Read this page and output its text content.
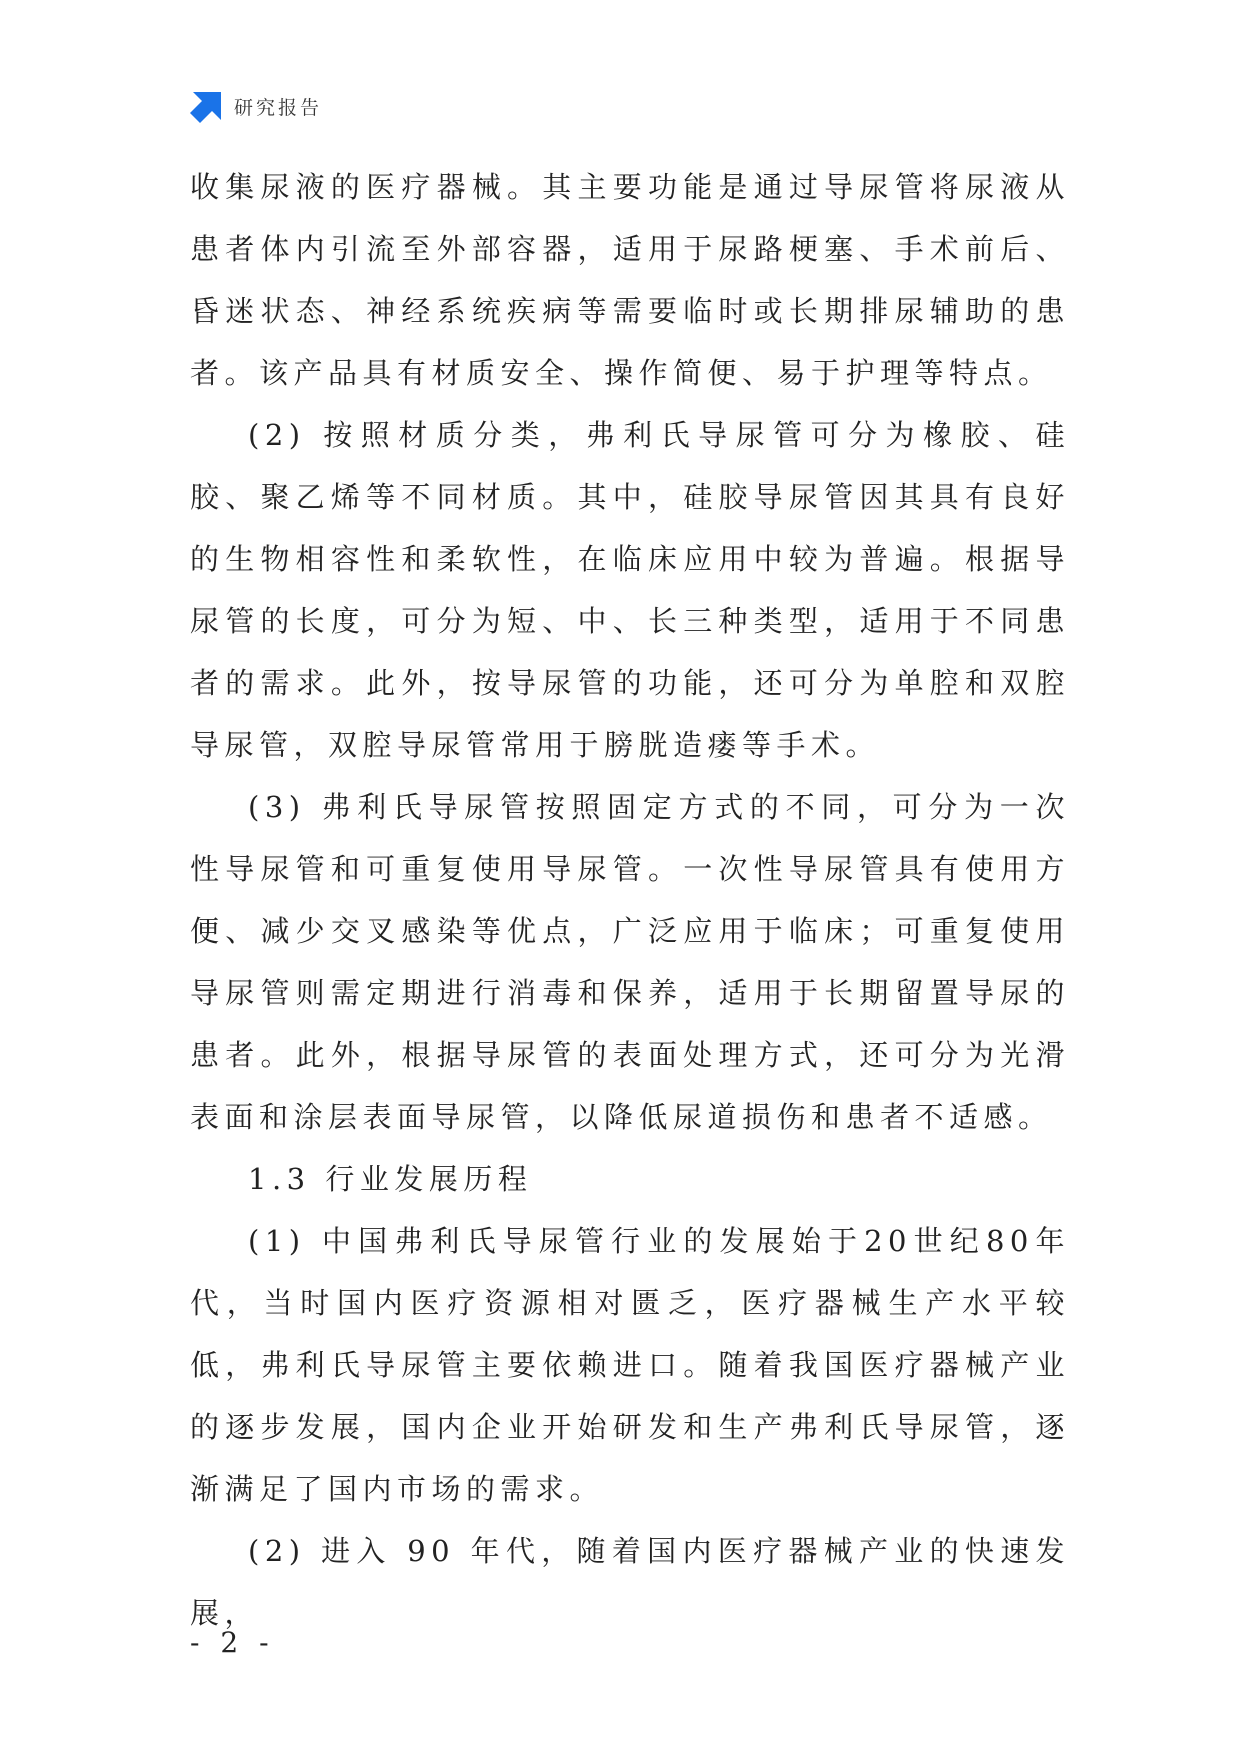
研究报告

收集尿液的医疗器械。其主要功能是通过导尿管将尿液从患者体内引流至外部容器，适用于尿路梗塞、手术前后、昏迷状态、神经系统疾病等需要临时或长期排尿辅助的患者。该产品具有材质安全、操作简便、易于护理等特点。

(2) 按照材质分类，弗利氏导尿管可分为橡胶、硅胶、聚乙烯等不同材质。其中，硅胶导尿管因其具有良好的生物相容性和柔软性，在临床应用中较为普遍。根据导尿管的长度，可分为短、中、长三种类型，适用于不同患者的需求。此外，按导尿管的功能，还可分为单腔和双腔导尿管，双腔导尿管常用于膀胱造瘘等手术。

(3) 弗利氏导尿管按照固定方式的不同，可分为一次性导尿管和可重复使用导尿管。一次性导尿管具有使用方便、减少交叉感染等优点，广泛应用于临床；可重复使用导尿管则需定期进行消毒和保养，适用于长期留置导尿的患者。此外，根据导尿管的表面处理方式，还可分为光滑表面和涂层表面导尿管，以降低尿道损伤和患者不适感。

1.3 行业发展历程

(1) 中国弗利氏导尿管行业的发展始于20世纪80年代，当时国内医疗资源相对匮乏，医疗器械生产水平较低，弗利氏导尿管主要依赖进口。随着我国医疗器械产业的逐步发展，国内企业开始研发和生产弗利氏导尿管，逐渐满足了国内市场的需求。

(2) 进入 90 年代，随着国内医疗器械产业的快速发展，

- 2 -
